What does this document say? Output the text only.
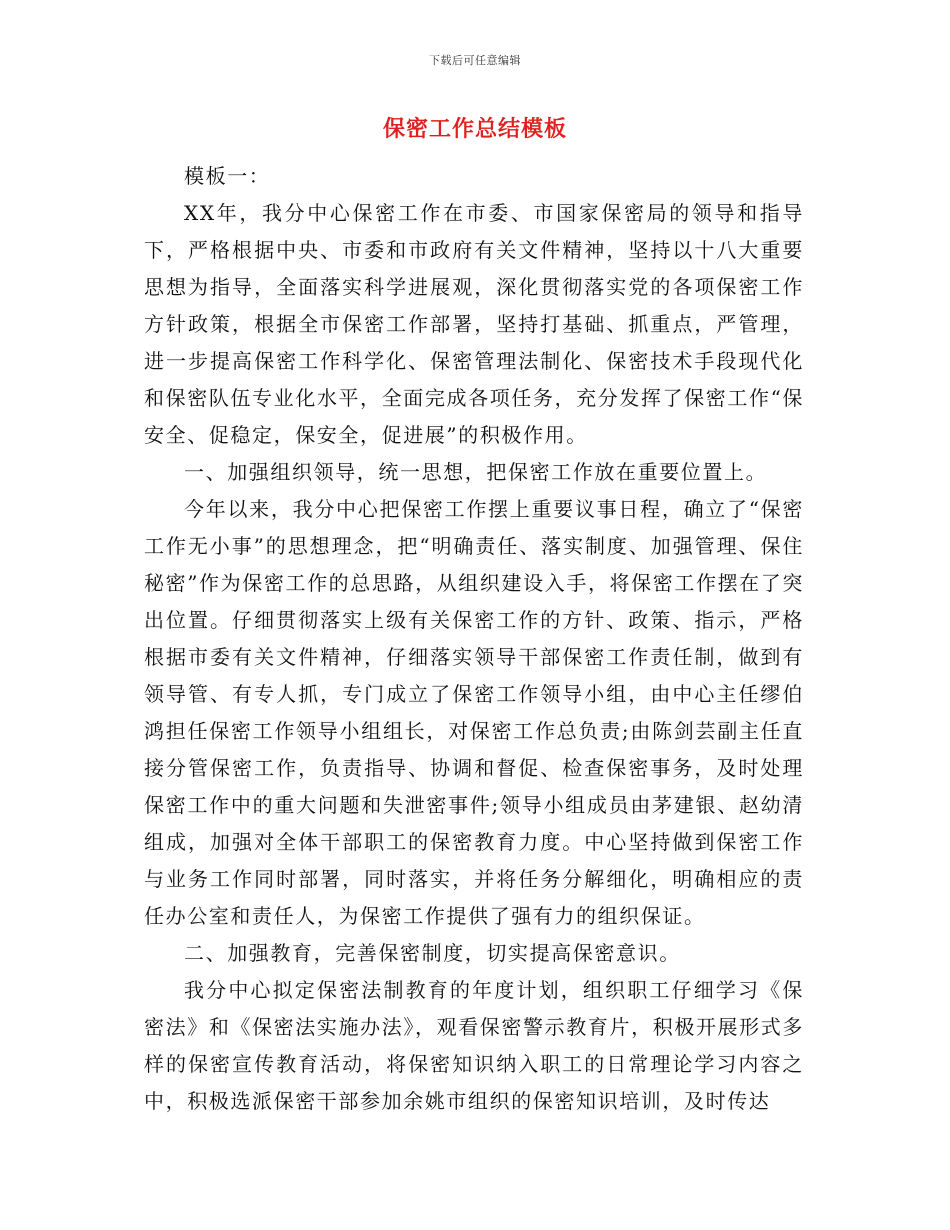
下载后可任意编辑
保密工作总结模板

模板一：

XX年，我分中心保密工作在市委、市国家保密局的领导和指导下，严格根据中央、市委和市政府有关文件精神，坚持以十八大重要思想为指导，全面落实科学进展观，深化贯彻落实党的各项保密工作方针政策，根据全市保密工作部署，坚持打基础、抓重点，严管理，进一步提高保密工作科学化、保密管理法制化、保密技术手段现代化和保密队伍专业化水平，全面完成各项任务，充分发挥了保密工作“保安全、促稳定，保安全，促进展”的积极作用。

一、加强组织领导，统一思想，把保密工作放在重要位置上。

今年以来，我分中心把保密工作摆上重要议事日程，确立了“保密工作无小事”的思想理念，把“明确责任、落实制度、加强管理、保住秘密”作为保密工作的总思路，从组织建设入手，将保密工作摆在了突出位置。仔细贯彻落实上级有关保密工作的方针、政策、指示，严格根据市委有关文件精神，仔细落实领导干部保密工作责任制，做到有领导管、有专人抓，专门成立了保密工作领导小组，由中心主任缪伯鸿担任保密工作领导小组组长，对保密工作总负责;由陈剑芸副主任直接分管保密工作，负责指导、协调和督促、检查保密事务，及时处理保密工作中的重大问题和失泄密事件;领导小组成员由茅建银、赵幼清组成，加强对全体干部职工的保密教育力度。中心坚持做到保密工作与业务工作同时部署，同时落实，并将任务分解细化，明确相应的责任办公室和责任人，为保密工作提供了强有力的组织保证。

二、加强教育，完善保密制度，切实提高保密意识。

我分中心拟定保密法制教育的年度计划，组织职工仔细学习《保密法》和《保密法实施办法》，观看保密警示教育片，积极开展形式多样的保密宣传教育活动，将保密知识纳入职工的日常理论学习内容之中，积极选派保密干部参加余姚市组织的保密知识培训，及时传达
